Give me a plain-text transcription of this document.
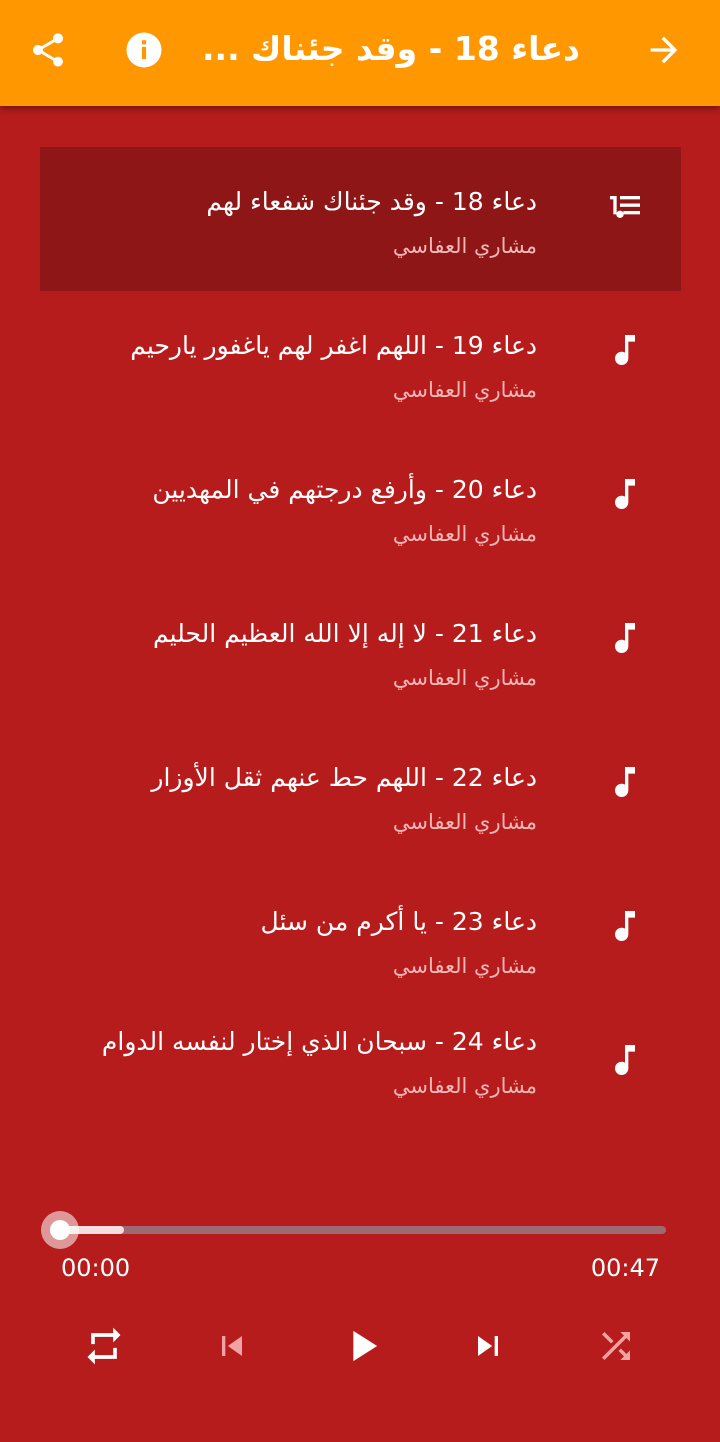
دعاء 18 - وقد جئناك ...
دعاء 18 - وقد جئناك شفعاء لهم
مشاري العفاسي
دعاء 19 - اللهم اغفر لهم ياغفور يارحيم
مشاري العفاسي
دعاء 20 - وأرفع درجتهم في المهديين
مشاري العفاسي
دعاء 21 - لا إله إلا الله العظيم الحليم
مشاري العفاسي
دعاء 22 - اللهم حط عنهم ثقل الأوزار
مشاري العفاسي
دعاء 23 - يا أكرم من سئل
مشاري العفاسي
دعاء 24 - سبحان الذي إختار لنفسه الدوام
مشاري العفاسي
00:00	00:47
